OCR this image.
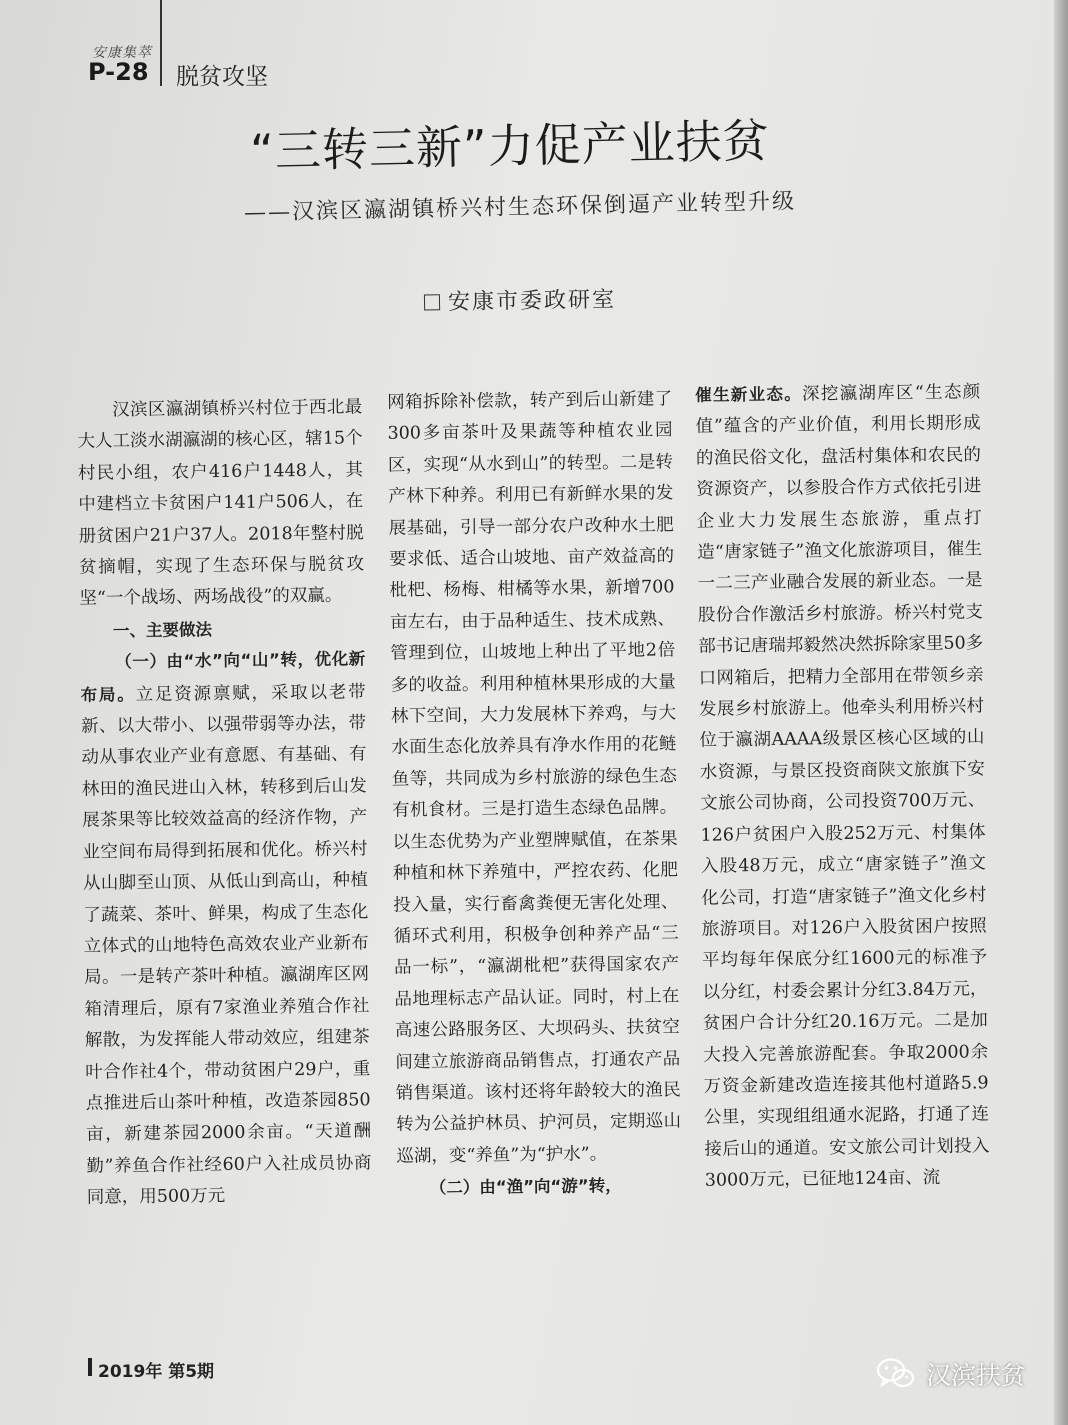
安康集萃
P-28 脱贫攻坚
“三转三新”力促产业扶贫
——汉滨区瀛湖镇桥兴村生态环保倒逼产业转型升级
安康市委政研室

汉滨区瀛湖镇桥兴村位于西北最大人工淡水湖瀛湖的核心区，辖15个村民小组，农户416户1448人，其中建档立卡贫困户141户506人，在册贫困户21户37人。2018年整村脱贫摘帽，实现了生态环保与脱贫攻坚“一个战场、两场战役”的双赢。

一、主要做法

（一）由“水”向“山”转，优化新布局。立足资源禀赋，采取以老带新、以大带小、以强带弱等办法，带动从事农业产业有意愿、有基础、有林田的渔民进山入林，转移到后山发展茶果等比较效益高的经济作物，产业空间布局得到拓展和优化。桥兴村从山脚至山顶、从低山到高山，种植了蔬菜、茶叶、鲜果，构成了生态化立体式的山地特色高效农业产业新布局。一是转产茶叶种植。瀛湖库区网箱清理后，原有7家渔业养殖合作社解散，为发挥能人带动效应，组建茶叶合作社4个，带动贫困户29户，重点推进后山茶叶种植，改造茶园850亩，新建茶园2000余亩。“天道酬勤”养鱼合作社经60户入社成员协商同意，用500万元

网箱拆除补偿款，转产到后山新建了300多亩茶叶及果蔬等种植农业园区，实现“从水到山”的转型。二是转产林下种养。利用已有新鲜水果的发展基础，引导一部分农户改种水土肥要求低、适合山坡地、亩产效益高的枇杷、杨梅、柑橘等水果，新增700亩左右，由于品种适生、技术成熟、管理到位，山坡地上种出了平地2倍多的收益。利用种植林果形成的大量林下空间，大力发展林下养鸡，与大水面生态化放养具有净水作用的花鲢鱼等，共同成为乡村旅游的绿色生态有机食材。三是打造生态绿色品牌。以生态优势为产业塑牌赋值，在茶果种植和林下养殖中，严控农药、化肥投入量，实行畜禽粪便无害化处理、循环式利用，积极争创种养产品“三品一标”，“瀛湖枇杷”获得国家农产品地理标志产品认证。同时，村上在高速公路服务区、大坝码头、扶贫空间建立旅游商品销售点，打通农产品销售渠道。该村还将年龄较大的渔民转为公益护林员、护河员，定期巡山巡湖，变“养鱼”为“护水”。

（二）由“渔”向“游”转，

催生新业态。深挖瀛湖库区“生态颜值”蕴含的产业价值，利用长期形成的渔民俗文化，盘活村集体和农民的资源资产，以参股合作方式依托引进企业大力发展生态旅游，重点打造“唐家链子”渔文化旅游项目，催生一二三产业融合发展的新业态。一是股份合作激活乡村旅游。桥兴村党支部书记唐瑞邦毅然决然拆除家里50多口网箱后，把精力全部用在带领乡亲发展乡村旅游上。他牵头利用桥兴村位于瀛湖AAAA级景区核心区域的山水资源，与景区投资商陕文旅旗下安文旅公司协商，公司投资700万元、126户贫困户入股252万元、村集体入股48万元，成立“唐家链子”渔文化公司，打造“唐家链子”渔文化乡村旅游项目。对126户入股贫困户按照平均每年保底分红1600元的标准予以分红，村委会累计分红3.84万元，贫困户合计分红20.16万元。二是加大投入完善旅游配套。争取2000余万资金新建改造连接其他村道路5.9公里，实现组组通水泥路，打通了连接后山的通道。安文旅公司计划投入3000万元，已征地124亩、流

2019年 第5期	汉滨扶贫
